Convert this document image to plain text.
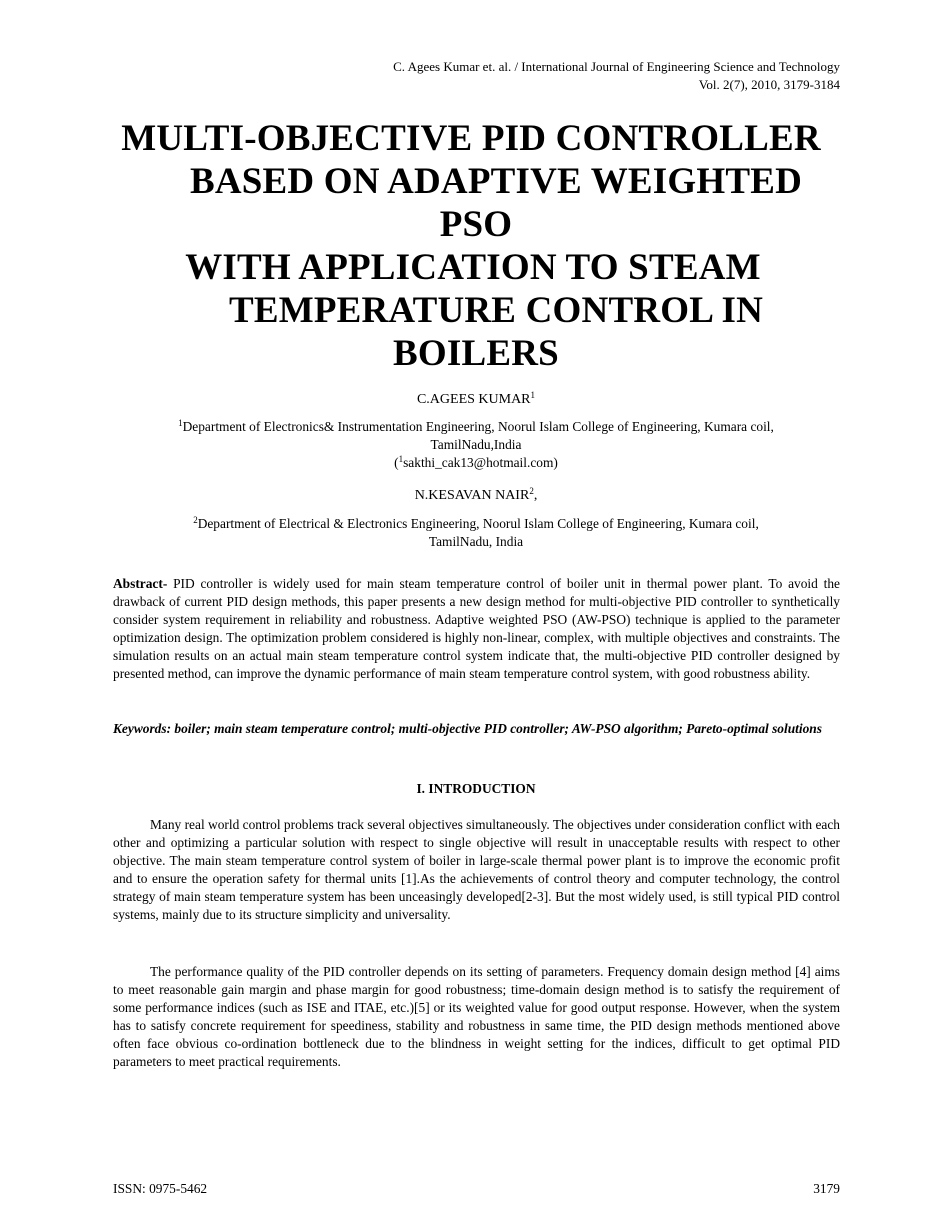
C. Agees Kumar et. al. / International Journal of Engineering Science and Technology
Vol. 2(7), 2010, 3179-3184
MULTI-OBJECTIVE PID CONTROLLER
BASED ON ADAPTIVE WEIGHTED
PSO
WITH APPLICATION TO STEAM
TEMPERATURE CONTROL IN
BOILERS
C.AGEES KUMAR$^1$
$^1$Department of Electronics& Instrumentation Engineering, Noorul Islam College of Engineering, Kumara coil,
TamilNadu,India
($^1$sakthi_cak13@hotmail.com)
N.KESAVAN NAIR$^2$,
$^2$Department of Electrical & Electronics Engineering, Noorul Islam College of Engineering, Kumara coil,
TamilNadu, India
Abstract- PID controller is widely used for main steam temperature control of boiler unit in thermal power plant. To avoid the drawback of current PID design methods, this paper presents a new design method for multi-objective PID controller to synthetically consider system requirement in reliability and robustness. Adaptive weighted PSO (AW-PSO) technique is applied to the parameter optimization design. The optimization problem considered is highly non-linear, complex, with multiple objectives and constraints. The simulation results on an actual main steam temperature control system indicate that, the multi-objective PID controller designed by presented method, can improve the dynamic performance of main steam temperature control system, with good robustness ability.
Keywords: boiler; main steam temperature control; multi-objective PID controller; AW-PSO algorithm; Pareto-optimal solutions
I. INTRODUCTION
Many real world control problems track several objectives simultaneously. The objectives under consideration conflict with each other and optimizing a particular solution with respect to single objective will result in unacceptable results with respect to other objective. The main steam temperature control system of boiler in large-scale thermal power plant is to improve the economic profit and to ensure the operation safety for thermal units [1].As the achievements of control theory and computer technology, the control strategy of main steam temperature system has been unceasingly developed[2-3]. But the most widely used, is still typical PID control systems, mainly due to its structure simplicity and universality.
The performance quality of the PID controller depends on its setting of parameters. Frequency domain design method [4] aims to meet reasonable gain margin and phase margin for good robustness; time-domain design method is to satisfy the requirement of some performance indices (such as ISE and ITAE, etc.)[5] or its weighted value for good output response. However, when the system has to satisfy concrete requirement for speediness, stability and robustness in same time, the PID design methods mentioned above often face obvious co-ordination bottleneck due to the blindness in weight setting for the indices, difficult to get optimal PID parameters to meet practical requirements.
ISSN: 0975-5462	3179
